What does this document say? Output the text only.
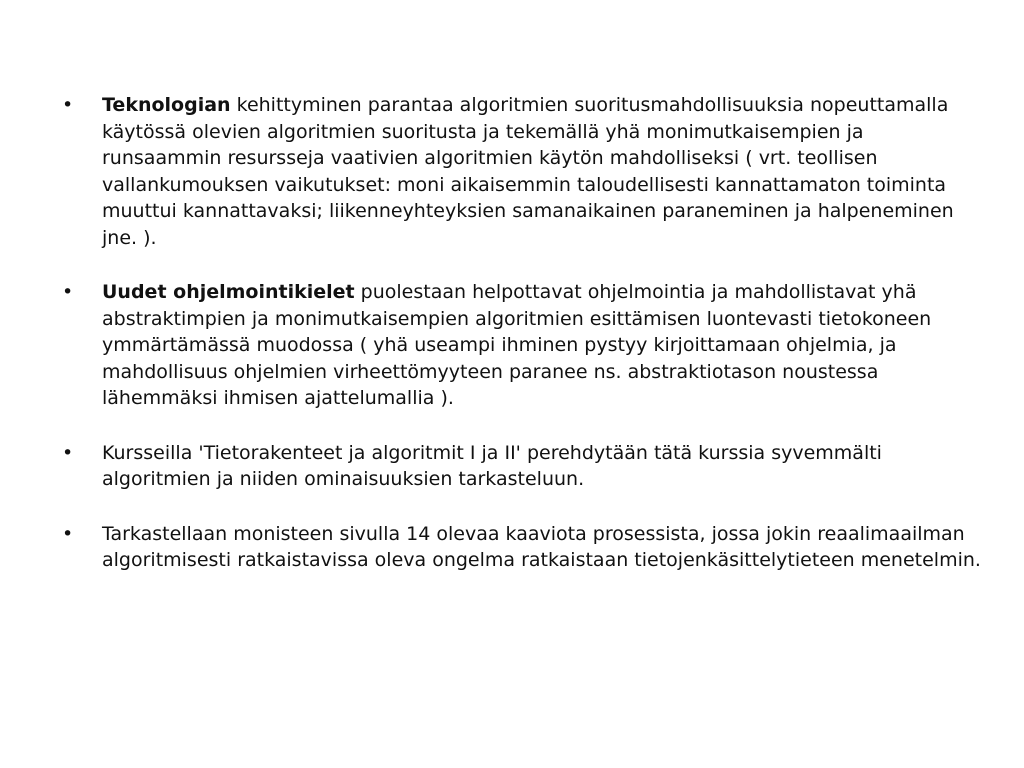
•	Teknologian kehittyminen parantaa algoritmien suoritusmahdollisuuksia nopeuttamalla käytössä olevien algoritmien suoritusta ja tekemällä yhä monimutkaisempien ja runsaammin resursseja vaativien algoritmien käytön mahdolliseksi ( vrt. teollisen vallankumouksen vaikutukset: moni aikaisemmin taloudellisesti kannattamaton toiminta muuttui kannattavaksi; liikenneyhteyksien samanaikainen paraneminen ja halpeneminen jne. ).
•	Uudet ohjelmointikielet puolestaan helpottavat ohjelmointia ja mahdollistavat yhä abstraktimpien ja monimutkaisempien algoritmien esittämisen luontevasti tietokoneen ymmärtämässä muodossa ( yhä useampi ihminen pystyy kirjoittamaan ohjelmia, ja mahdollisuus ohjelmien virheettömyyteen paranee ns. abstraktiotason noustessa lähemmäksi ihmisen ajattelumallia ).
•	Kursseilla 'Tietorakenteet ja algoritmit I ja II' perehdytään tätä kurssia syvemmälti algoritmien ja niiden ominaisuuksien tarkasteluun.
•	Tarkastellaan monisteen sivulla 14 olevaa kaaviota prosessista, jossa jokin reaalimaailman algoritmisesti ratkaistavissa oleva ongelma ratkaistaan tietojenkäsittelytieteen menetelmin.
